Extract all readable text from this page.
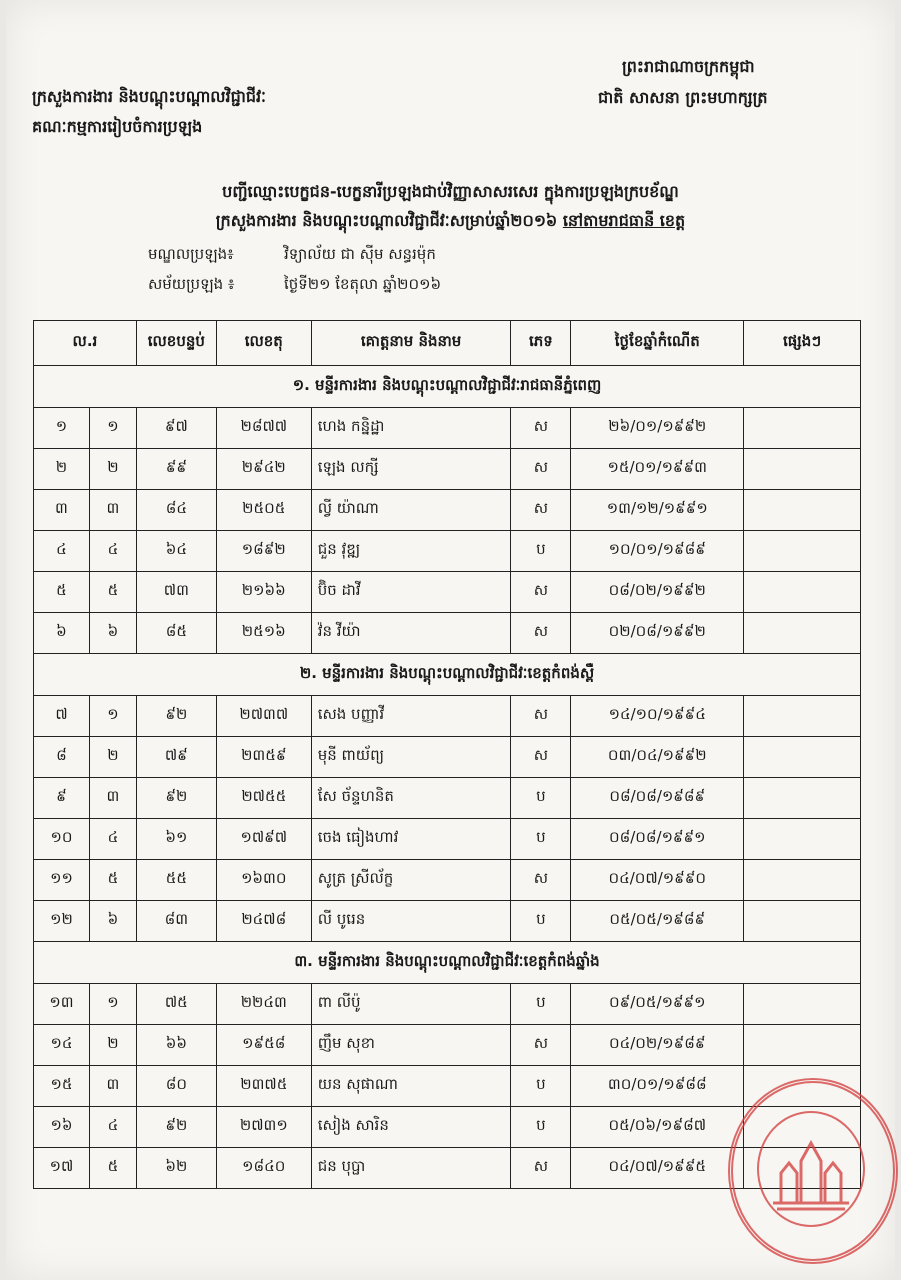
ក្រសួងការងារ និងបណ្តុះបណ្តាលវិជ្ជាជីវៈ
គណៈកម្មការរៀបចំការប្រឡង
ព្រះរាជាណាចក្រកម្ពុជា
ជាតិ សាសនា ព្រះមហាក្សត្រ
បញ្ជីឈ្មោះបេក្ខជន-បេក្ខនារីប្រឡងជាប់វិញ្ញាសាសរសេរ ក្នុងការប្រឡងក្របខ័ណ្ឌ
ក្រសួងការងារ និងបណ្តុះបណ្តាលវិជ្ជាជីវៈសម្រាប់ឆ្នាំ២០១៦ នៅតាមរាជធានី ខេត្ត
មណ្ឌលប្រឡង៖	វិទ្យាល័យ ជា ស៊ីម សន្ធរម៉ុក
សម័យប្រឡង ៖	ថ្ងៃទី២១ ខែតុលា ឆ្នាំ២០១៦
ល.រ		លេខបន្ទប់	លេខតុ	គោត្តនាម និងនាម	ភេទ	ថ្ងៃខែឆ្នាំកំណើត	ផ្សេងៗ
១. មន្ទីរការងារ និងបណ្តុះបណ្តាលវិជ្ជាជីវៈរាជធានីភ្នំពេញ							
១	១	៩៧	២៨៧៧	ហេង កន្និដ្ឋា	ស	២៦/០១/១៩៩២	
២	២	៩៩	២៩៤២	ឡេង លក្សី	ស	១៥/០១/១៩៩៣	
៣	៣	៨៤	២៥០៥	ល្វី យ៉ាណា	ស	១៣/១២/១៩៩១	
៤	៤	៦៤	១៨៩២	ជួន វុឌ្ឍ	ប	១០/០១/១៩៨៩	
៥	៥	៧៣	២១៦៦	ប៊ិច ដាវី	ស	០៨/០២/១៩៩២	
៦	៦	៨៥	២៥១៦	វ៉ន វីយ៉ា	ស	០២/០៨/១៩៩២	
២. មន្ទីរការងារ និងបណ្តុះបណ្តាលវិជ្ជាជីវៈខេត្តកំពង់ស្ពឺ							
៧	១	៩២	២៧៣៧	សេង បញ្ញាវី	ស	១៤/១០/១៩៩៤	
៨	២	៧៩	២៣៥៩	មុនី ពាយ័ព្យ	ស	០៣/០៤/១៩៩២	
៩	៣	៩២	២៧៥៥	សែ ច័ន្ទហនិត	ប	០៨/០៨/១៩៨៩	
១០	៤	៦១	១៧៩៧	ចេង ធៀងហាវ	ប	០៨/០៨/១៩៩១	
១១	៥	៥៥	១៦៣០	សូត្រ ស្រីល័ក្ខ	ស	០៤/០៧/១៩៩០	
១២	៦	៨៣	២៤៧៨	លី បូរេន	ប	០៥/០៥/១៩៨៩	
៣. មន្ទីរការងារ និងបណ្តុះបណ្តាលវិជ្ជាជីវៈខេត្តកំពង់ឆ្នាំង							
១៣	១	៧៥	២២៤៣	ពា លីប៉ូ	ប	០៩/០៥/១៩៩១	
១៤	២	៦៦	១៩៥៨	ញឹម សុខា	ស	០៤/០២/១៩៨៩	
១៥	៣	៨០	២៣៧៥	យន សុផាណា	ប	៣០/០១/១៩៨៨	
១៦	៤	៩២	២៧៣១	សៀង សារិន	ប	០៥/០៦/១៩៨៧	
១៧	៥	៦២	១៨៤០	ជន បុប្ផា	ស	០៤/០៧/១៩៩៥	
